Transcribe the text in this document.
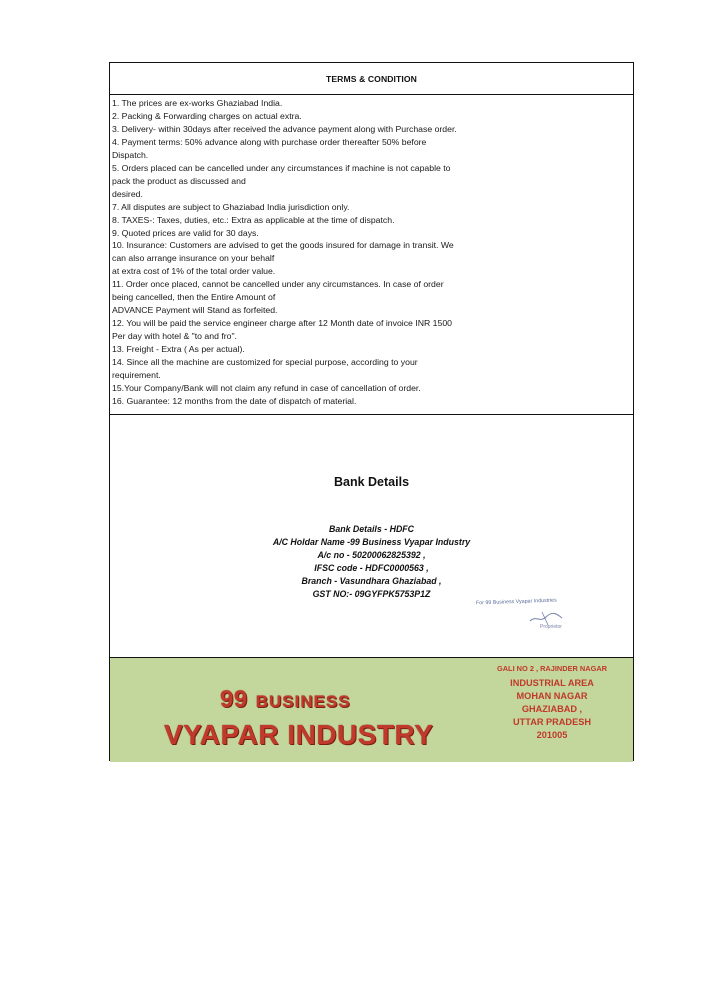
TERMS & CONDITION
1. The prices are ex-works Ghaziabad India.
2. Packing & Forwarding charges on actual extra.
3. Delivery- within 30days after received the advance payment along with Purchase order.
4. Payment terms: 50% advance along with purchase order thereafter 50% before
Dispatch.
5. Orders placed can be cancelled under any circumstances if machine is not capable to
pack the product as discussed and
desired.
7. All disputes are subject to Ghaziabad India jurisdiction only.
8. TAXES-: Taxes, duties, etc.: Extra as applicable at the time of dispatch.
9. Quoted prices are valid for 30 days.
10. Insurance: Customers are advised to get the goods insured for damage in transit. We
can also arrange insurance on your behalf
at extra cost of 1% of the total order value.
11. Order once placed, cannot be cancelled under any circumstances. In case of order
being cancelled, then the Entire Amount of
ADVANCE Payment will Stand as forfeited.
12. You will be paid the service engineer charge after 12 Month date of invoice INR 1500
Per day with hotel & "to and fro".
13. Freight - Extra ( As per actual).
14. Since all the machine are customized for special purpose, according to your
requirement.
15.Your Company/Bank will not claim any refund in case of cancellation of order.
16. Guarantee: 12 months from the date of dispatch of material.
Bank Details
Bank Details - HDFC
A/C Holdar Name -99 Business Vyapar Industry
A/c no - 50200062825392 ,
IFSC code - HDFC0000563 ,
Branch - Vasundhara Ghaziabad ,
GST NO:- 09GYFPK5753P1Z
For 99 Business Vyapar Industries
Proprietor
99 BUSINESS
VYAPAR INDUSTRY
GALI NO 2 , RAJINDER NAGAR
INDUSTRIAL AREA
MOHAN NAGAR
GHAZIABAD ,
UTTAR PRADESH
201005
